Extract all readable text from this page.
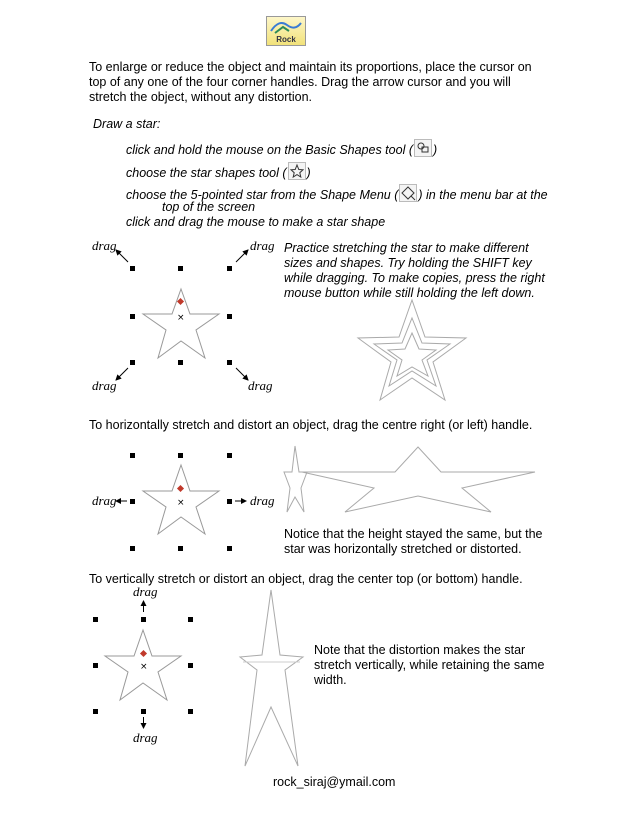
Rock
To enlarge or reduce the object and maintain its proportions, place the cursor on top of any one of the four corner handles. Drag the arrow cursor and you will stretch the object, without any distortion.
Draw a star:
click and hold the mouse on the Basic Shapes tool ( )
choose the star shapes tool ( )
choose the 5-pointed star from the Shape Menu ( ) in the menu bar at the
top of the screen
click and drag the mouse to make a star shape
Practice stretching the star to make different sizes and shapes. Try holding the SHIFT key while dragging. To make copies, press the right mouse button while still holding the left down.
drag	drag
drag	drag
To horizontally stretch and distort an object, drag the centre right (or left) handle.
drag	drag
Notice that the height stayed the same, but the star was horizontally stretched or distorted.
To vertically stretch or distort an object, drag the center top (or bottom) handle.
drag
drag
Note that the distortion makes the star stretch vertically, while retaining the same width.
rock_siraj@ymail.com
×
×
×
